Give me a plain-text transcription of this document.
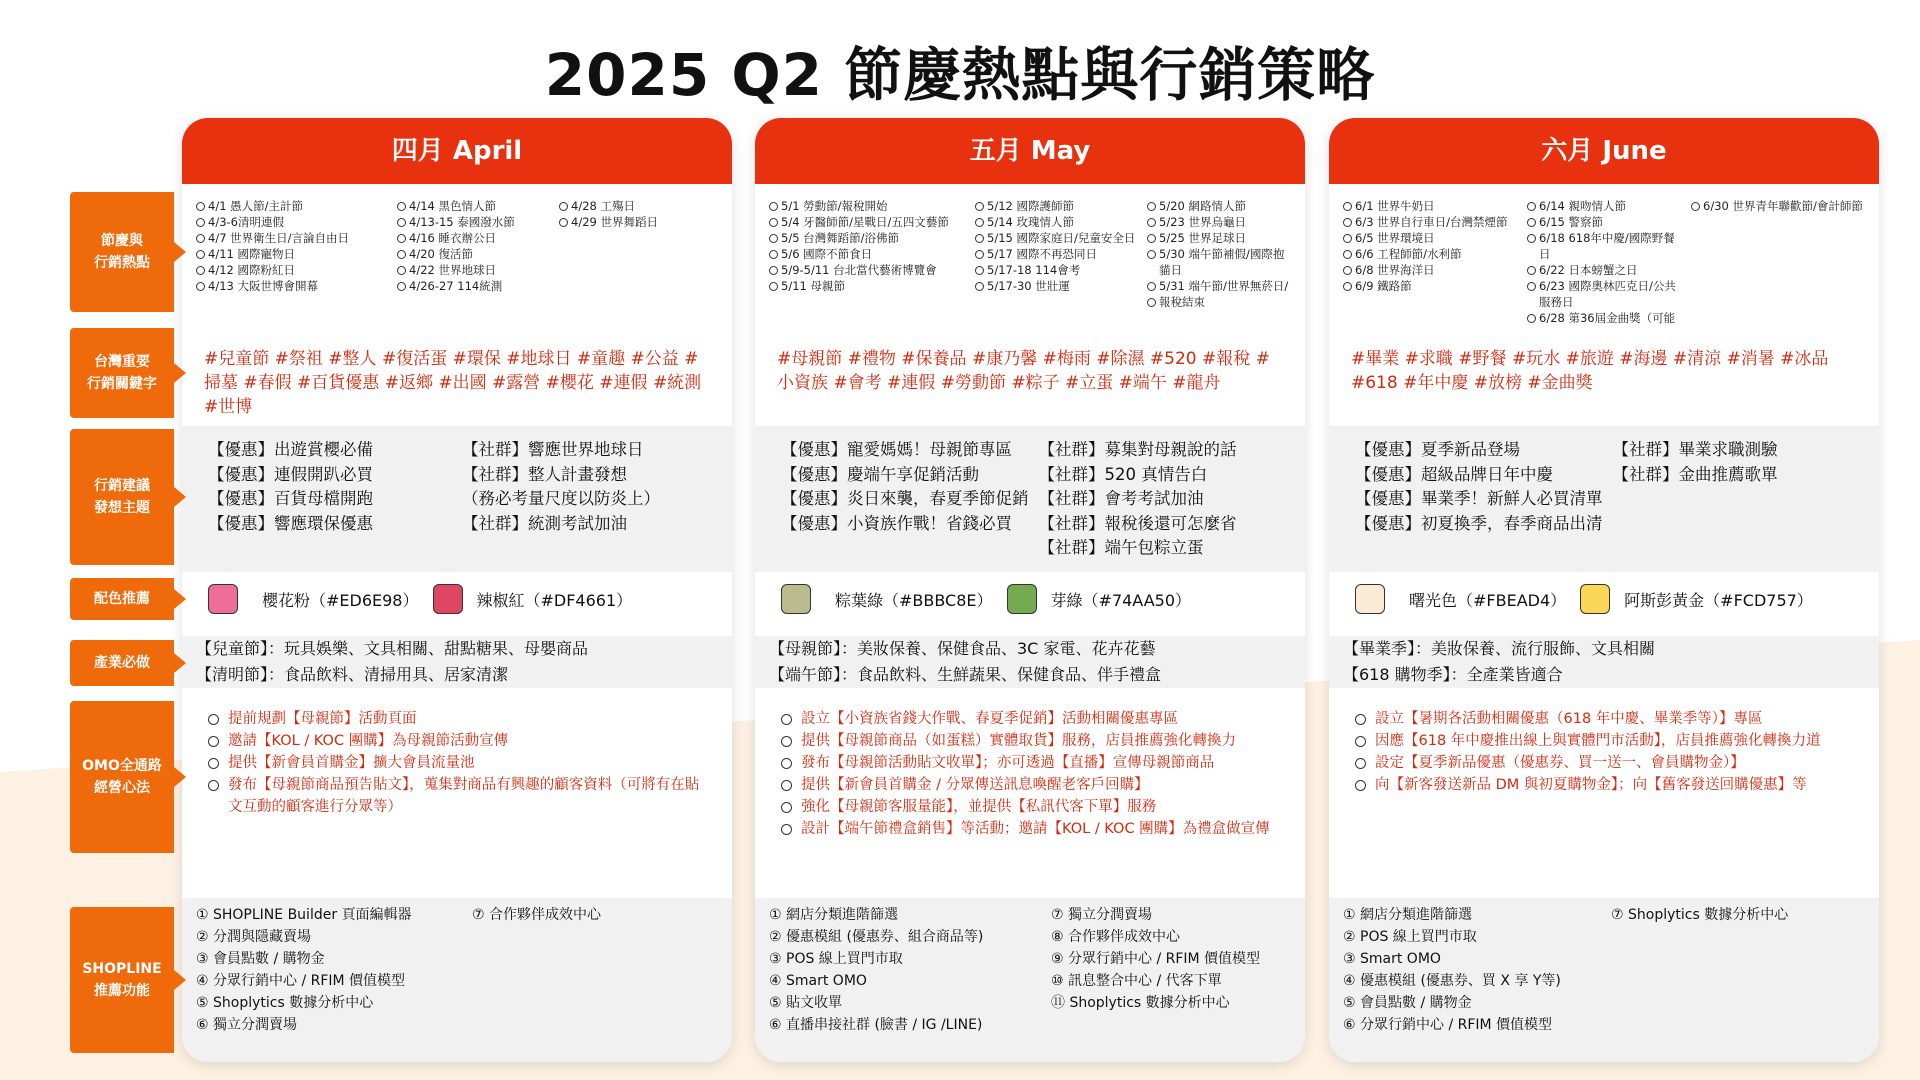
2025 Q2 節慶熱點與行銷策略
節慶與
行銷熱點
台灣重要
行銷關鍵字
行銷建議
發想主題
配色推薦
產業必做
OMO全通路
經營心法
SHOPLINE
推薦功能
四月 April
4/1 愚人節/主計節
4/3-6清明連假
4/7 世界衛生日/言論自由日
4/11 國際寵物日
4/12 國際粉紅日
4/13 大阪世博會開幕
4/14 黑色情人節
4/13-15 泰國潑水節
4/16 睡衣辦公日
4/20 復活節
4/22 世界地球日
4/26-27 114統測
4/28 工殤日
4/29 世界舞蹈日
#兒童節 #祭祖 #整人 #復活蛋 #環保 #地球日 #童趣 #公益 #掃墓 #春假 #百貨優惠 #返鄉 #出國 #露營 #櫻花 #連假 #統測 #世博
【優惠】出遊賞櫻必備
【優惠】連假開趴必買
【優惠】百貨母檔開跑
【優惠】響應環保優惠
【社群】響應世界地球日
【社群】整人計畫發想
（務必考量尺度以防炎上）
【社群】統測考試加油
櫻花粉（#ED6E98）	辣椒紅（#DF4661）
【兒童節】：玩具娛樂、文具相關、甜點糖果、母嬰商品
【清明節】：食品飲料、清掃用具、居家清潔
提前規劃【母親節】活動頁面
邀請【KOL / KOC 團購】為母親節活動宣傳
提供【新會員首購金】擴大會員流量池
發布【母親節商品預告貼文】，蒐集對商品有興趣的顧客資料（可將有在貼文互動的顧客進行分眾等）
① SHOPLINE Builder 頁面編輯器
② 分潤與隱藏賣場
③ 會員點數 / 購物金
④ 分眾行銷中心 / RFIM 價值模型
⑤ Shoplytics 數據分析中心
⑥ 獨立分潤賣場
⑦ 合作夥伴成效中心
五月 May
5/1 勞動節/報稅開始
5/4 牙醫師節/星戰日/五四文藝節
5/5 台灣舞蹈節/浴佛節
5/6 國際不節食日
5/9-5/11 台北當代藝術博覽會
5/11 母親節
5/12 國際護師節
5/14 玫瑰情人節
5/15 國際家庭日/兒童安全日
5/17 國際不再恐同日
5/17-18 114會考
5/17-30 世壯運
5/20 網路情人節
5/23 世界烏龜日
5/25 世界足球日
5/30 端午節補假/國際抱貓日
5/31 端午節/世界無菸日/
報稅結束
#母親節 #禮物 #保養品 #康乃馨 #梅雨 #除濕 #520 #報稅 #小資族 #會考 #連假 #勞動節 #粽子 #立蛋 #端午 #龍舟
【優惠】寵愛媽媽！母親節專區
【優惠】慶端午享促銷活動
【優惠】炎日來襲，春夏季節促銷
【優惠】小資族作戰！省錢必買
【社群】募集對母親說的話
【社群】520 真情告白
【社群】會考考試加油
【社群】報稅後還可怎麼省
【社群】端午包粽立蛋
粽葉綠（#BBBC8E）	芽綠（#74AA50）
【母親節】：美妝保養、保健食品、3C 家電、花卉花藝
【端午節】：食品飲料、生鮮蔬果、保健食品、伴手禮盒
設立【小資族省錢大作戰、春夏季促銷】活動相關優惠專區
提供【母親節商品（如蛋糕）實體取貨】服務，店員推薦強化轉換力
發布【母親節活動貼文收單】；亦可透過【直播】宣傳母親節商品
提供【新會員首購金 / 分眾傳送訊息喚醒老客戶回購】
強化【母親節客服量能】，並提供【私訊代客下單】服務
設計【端午節禮盒銷售】等活動；邀請【KOL / KOC 團購】為禮盒做宣傳
① 網店分類進階篩選
② 優惠模組 (優惠券、組合商品等)
③ POS 線上買門市取
④ Smart OMO
⑤ 貼文收單
⑥ 直播串接社群 (臉書 / IG /LINE)
⑦ 獨立分潤賣場
⑧ 合作夥伴成效中心
⑨ 分眾行銷中心 / RFIM 價值模型
⑩ 訊息整合中心 / 代客下單
⑪ Shoplytics 數據分析中心
六月 June
6/1 世界牛奶日
6/3 世界自行車日/台灣禁煙節
6/5 世界環境日
6/6 工程師節/水利節
6/8 世界海洋日
6/9 鐵路節
6/14 親吻情人節
6/15 警察節
6/18 618年中慶/國際野餐日
6/22 日本螃蟹之日
6/23 國際奧林匹克日/公共服務日
6/28 第36屆金曲獎（可能
6/30 世界青年聯歡節/會計師節
#畢業 #求職 #野餐 #玩水 #旅遊 #海邊 #清涼 #消暑 #冰品 #618 #年中慶 #放榜 #金曲獎
【優惠】夏季新品登場
【優惠】超級品牌日年中慶
【優惠】畢業季！新鮮人必買清單
【優惠】初夏換季，春季商品出清
【社群】畢業求職測驗
【社群】金曲推薦歌單
曙光色（#FBEAD4）	阿斯彭黃金（#FCD757）
【畢業季】：美妝保養、流行服飾、文具相關
【618 購物季】：全產業皆適合
設立【暑期各活動相關優惠（618 年中慶、畢業季等）】專區
因應【618 年中慶推出線上與實體門市活動】，店員推薦強化轉換力道
設定【夏季新品優惠（優惠券、買一送一、會員購物金）】
向【新客發送新品 DM 與初夏購物金】；向【舊客發送回購優惠】等
① 網店分類進階篩選
② POS 線上買門市取
③ Smart OMO
④ 優惠模組 (優惠券、買 X 享 Y等)
⑤ 會員點數 / 購物金
⑥ 分眾行銷中心 / RFIM 價值模型
⑦ Shoplytics 數據分析中心
